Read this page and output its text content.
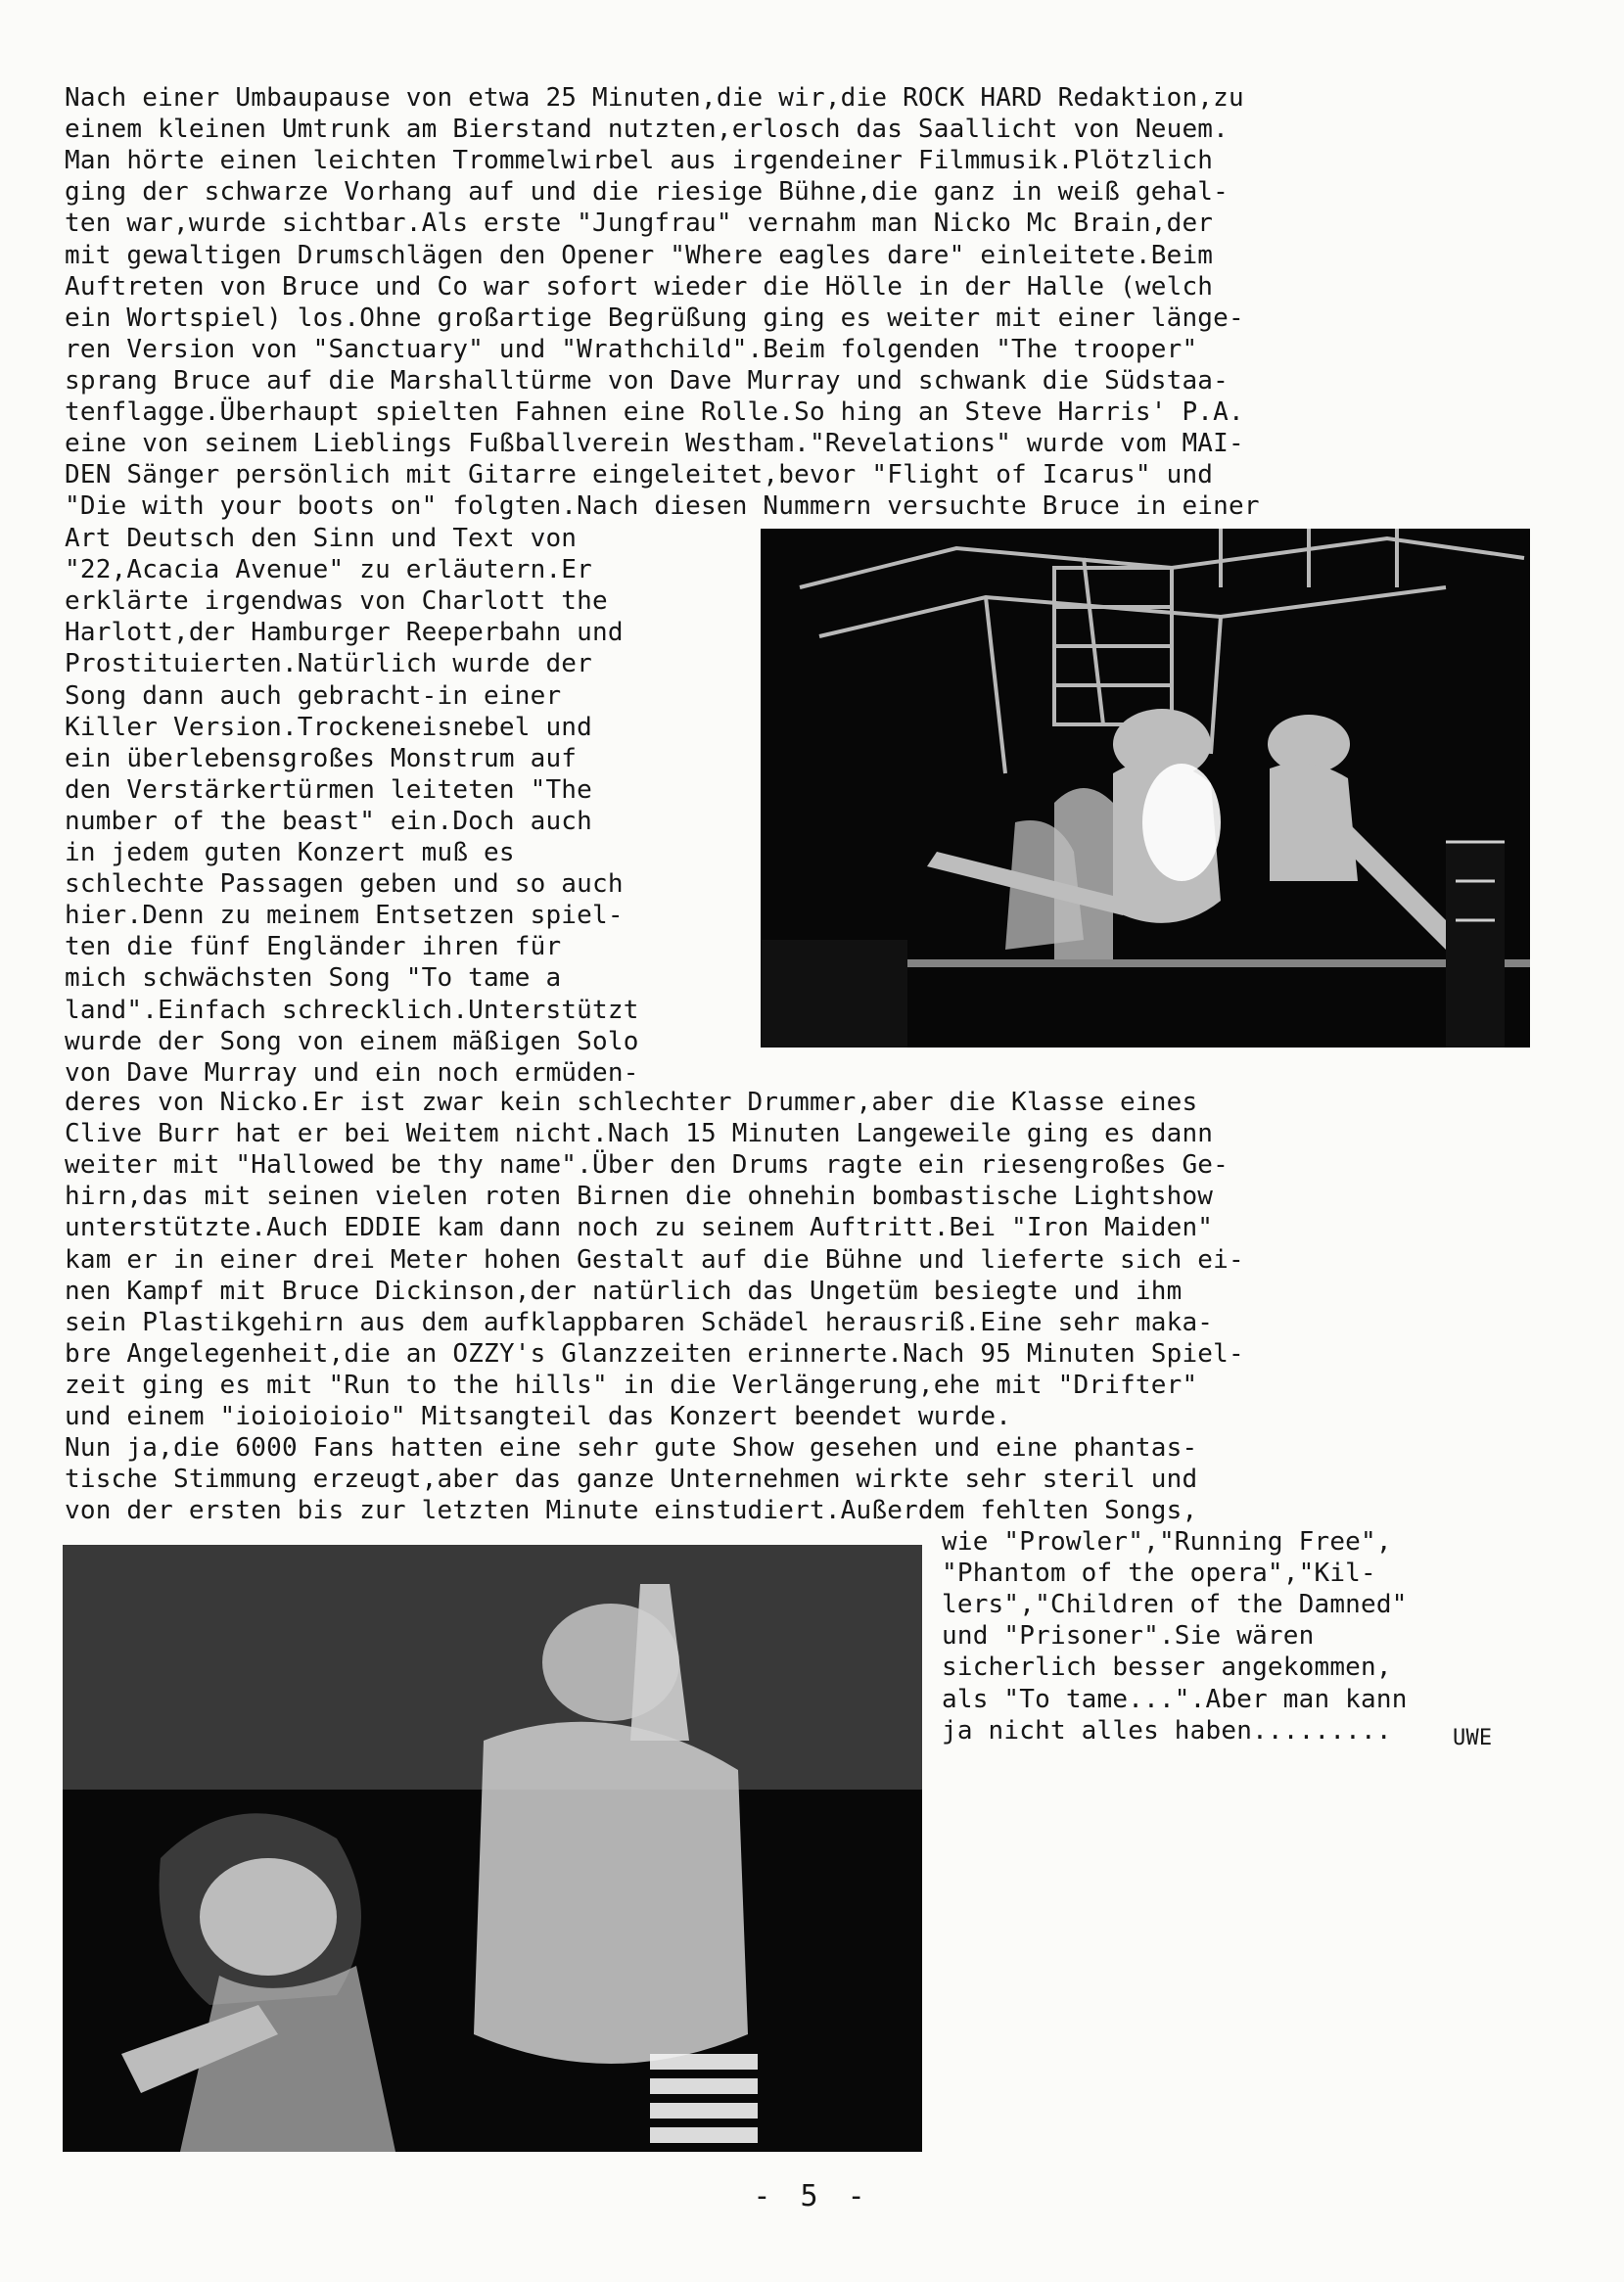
Nach einer Umbaupause von etwa 25 Minuten,die wir,die ROCK HARD Redaktion,zu
einem kleinen Umtrunk am Bierstand nutzten,erlosch das Saallicht von Neuem.
Man hörte einen leichten Trommelwirbel aus irgendeiner Filmmusik.Plötzlich
ging der schwarze Vorhang auf und die riesige Bühne,die ganz in weiß gehal-
ten war,wurde sichtbar.Als erste "Jungfrau" vernahm man Nicko Mc Brain,der
mit gewaltigen Drumschlägen den Opener "Where eagles dare" einleitete.Beim
Auftreten von Bruce und Co war sofort wieder die Hölle in der Halle (welch
ein Wortspiel) los.Ohne großartige Begrüßung ging es weiter mit einer länge-
ren Version von "Sanctuary" und "Wrathchild".Beim folgenden "The trooper"
sprang Bruce auf die Marshalltürme von Dave Murray und schwank die Südstaa-
tenflagge.Überhaupt spielten Fahnen eine Rolle.So hing an Steve Harris' P.A.
eine von seinem Lieblings Fußballverein Westham."Revelations" wurde vom MAI-
DEN Sänger persönlich mit Gitarre eingeleitet,bevor "Flight of Icarus" und
"Die with your boots on" folgten.Nach diesen Nummern versuchte Bruce in einer
Art Deutsch den Sinn und Text von
"22,Acacia Avenue" zu erläutern.Er
erklärte irgendwas von Charlott the
Harlott,der Hamburger Reeperbahn und
Prostituierten.Natürlich wurde der
Song dann auch gebracht-in einer
Killer Version.Trockeneisnebel und
ein überlebensgroßes Monstrum auf
den Verstärkertürmen leiteten "The
number of the beast" ein.Doch auch
in jedem guten Konzert muß es
schlechte Passagen geben und so auch
hier.Denn zu meinem Entsetzen spiel-
ten die fünf Engländer ihren für
mich schwächsten Song "To tame a
land".Einfach schrecklich.Unterstützt
wurde der Song von einem mäßigen Solo
von Dave Murray und ein noch ermüden-
deres von Nicko.Er ist zwar kein schlechter Drummer,aber die Klasse eines
Clive Burr hat er bei Weitem nicht.Nach 15 Minuten Langeweile ging es dann
weiter mit "Hallowed be thy name".Über den Drums ragte ein riesengroßes Ge-
hirn,das mit seinen vielen roten Birnen die ohnehin bombastische Lightshow
unterstützte.Auch EDDIE kam dann noch zu seinem Auftritt.Bei "Iron Maiden"
kam er in einer drei Meter hohen Gestalt auf die Bühne und lieferte sich ei-
nen Kampf mit Bruce Dickinson,der natürlich das Ungetüm besiegte und ihm
sein Plastikgehirn aus dem aufklappbaren Schädel herausriß.Eine sehr maka-
bre Angelegenheit,die an OZZY's Glanzzeiten erinnerte.Nach 95 Minuten Spiel-
zeit ging es mit "Run to the hills" in die Verlängerung,ehe mit "Drifter"
und einem "ioioioioio" Mitsangteil das Konzert beendet wurde.
Nun ja,die 6000 Fans hatten eine sehr gute Show gesehen und eine phantas-
tische Stimmung erzeugt,aber das ganze Unternehmen wirkte sehr steril und
von der ersten bis zur letzten Minute einstudiert.Außerdem fehlten Songs,
wie "Prowler","Running Free",
"Phantom of the opera","Kil-
lers","Children of the Damned"
und "Prisoner".Sie wären
sicherlich besser angekommen,
als "To tame...".Aber man kann
ja nicht alles haben.........	UWE
- 5 -
